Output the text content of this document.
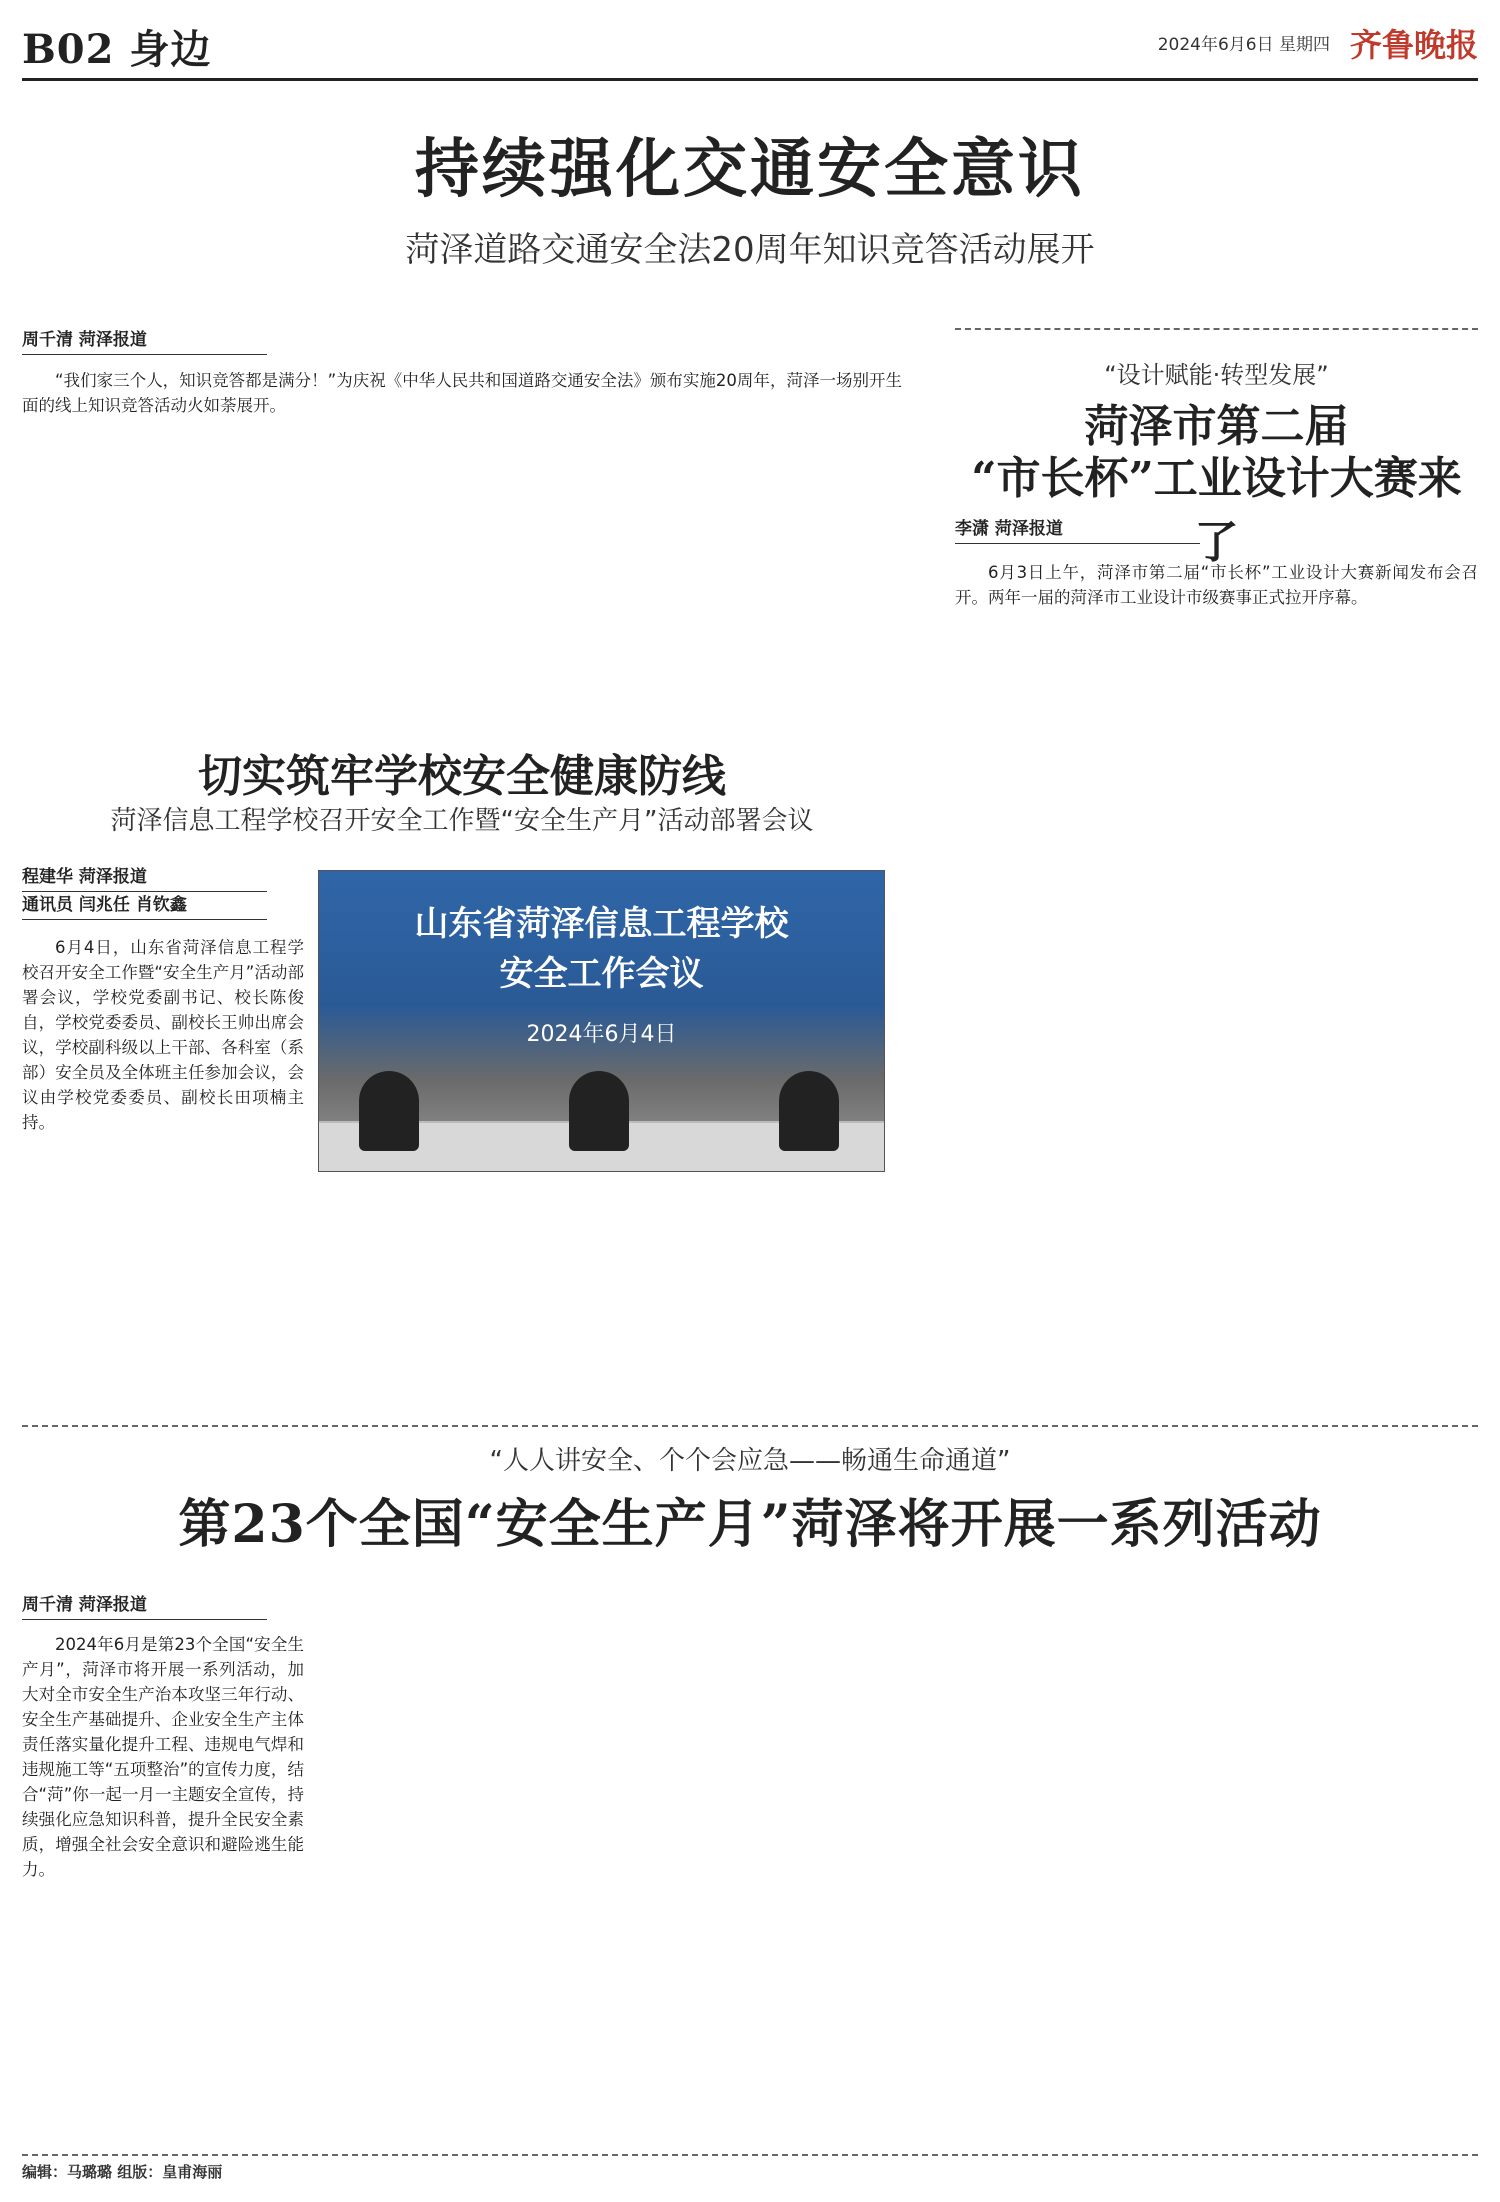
B02 身边	2024年6月6日 星期四 齐鲁晚报
持续强化交通安全意识
菏泽道路交通安全法20周年知识竞答活动展开
周千清 菏泽报道

“我们家三个人，知识竞答都是满分！”为庆祝《中华人民共和国道路交通安全法》颁布实施20周年，菏泽一场别开生面的线上知识竞答活动火如荼展开。

“设计赋能·转型发展”
菏泽市第二届
“市长杯”工业设计大赛来了
李潇 菏泽报道

6月3日上午，菏泽市第二届“市长杯”工业设计大赛新闻发布会召开。两年一届的菏泽市工业设计市级赛事正式拉开序幕。

切实筑牢学校安全健康防线
菏泽信息工程学校召开安全工作暨“安全生产月”活动部署会议
程建华 菏泽报道
通讯员 闫兆任 肖钦鑫	山东省菏泽信息工程学校
安全工作会议
2024年6月4日

6月4日，山东省菏泽信息工程学校召开安全工作暨“安全生产月”活动部署会议，学校党委副书记、校长陈俊自，学校党委委员、副校长王帅出席会议，学校副科级以上干部、各科室（系部）安全员及全体班主任参加会议，会议由学校党委委员、副校长田项楠主持。

“人人讲安全、个个会应急——畅通生命通道”
第23个全国“安全生产月”菏泽将开展一系列活动
周千清 菏泽报道

2024年6月是第23个全国“安全生产月”，菏泽市将开展一系列活动，加大对全市安全生产治本攻坚三年行动、安全生产基础提升、企业安全生产主体责任落实量化提升工程、违规电气焊和违规施工等“五项整治”的宣传力度，结合“菏”你一起一月一主题安全宣传，持续强化应急知识科普，提升全民安全素质，增强全社会安全意识和避险逃生能力。

编辑：马璐璐 组版：皇甫海丽
